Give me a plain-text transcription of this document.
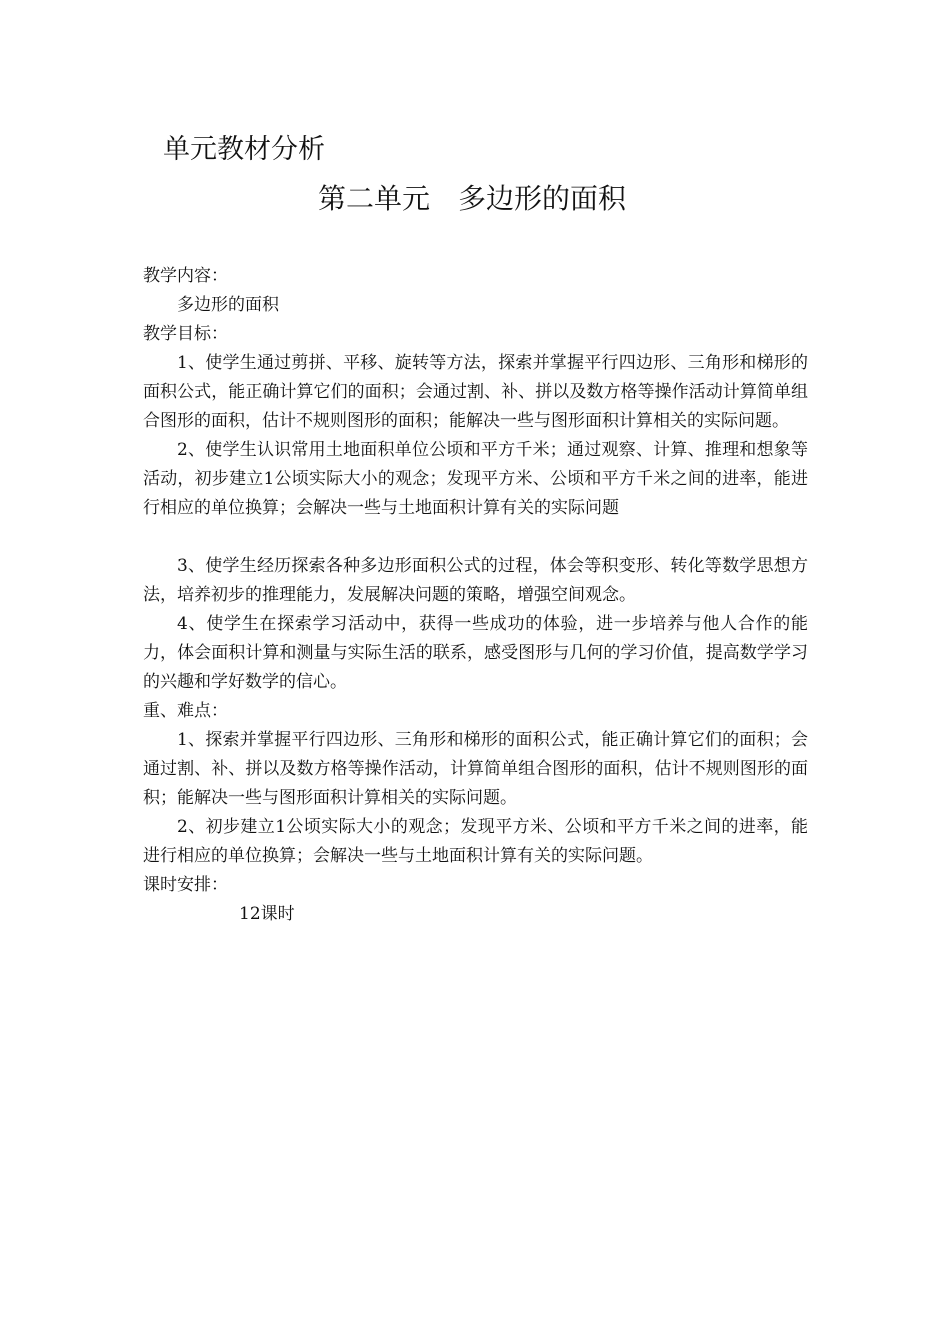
单元教材分析
第二单元　多边形的面积

教学内容：

多边形的面积

教学目标：

1、使学生通过剪拼、平移、旋转等方法，探索并掌握平行四边形、三角形和梯形的面积公式，能正确计算它们的面积；会通过割、补、拼以及数方格等操作活动计算简单组合图形的面积，估计不规则图形的面积；能解决一些与图形面积计算相关的实际问题。

2、使学生认识常用土地面积单位公顷和平方千米；通过观察、计算、推理和想象等活动，初步建立1公顷实际大小的观念；发现平方米、公顷和平方千米之间的进率，能进行相应的单位换算；会解决一些与土地面积计算有关的实际问题

3、使学生经历探索各种多边形面积公式的过程，体会等积变形、转化等数学思想方法，培养初步的推理能力，发展解决问题的策略，增强空间观念。

4、使学生在探索学习活动中，获得一些成功的体验，进一步培养与他人合作的能力，体会面积计算和测量与实际生活的联系，感受图形与几何的学习价值，提高数学学习的兴趣和学好数学的信心。

重、难点：

1、探索并掌握平行四边形、三角形和梯形的面积公式，能正确计算它们的面积；会通过割、补、拼以及数方格等操作活动，计算简单组合图形的面积，估计不规则图形的面积；能解决一些与图形面积计算相关的实际问题。

2、初步建立1公顷实际大小的观念；发现平方米、公顷和平方千米之间的进率，能进行相应的单位换算；会解决一些与土地面积计算有关的实际问题。

课时安排：

12课时
